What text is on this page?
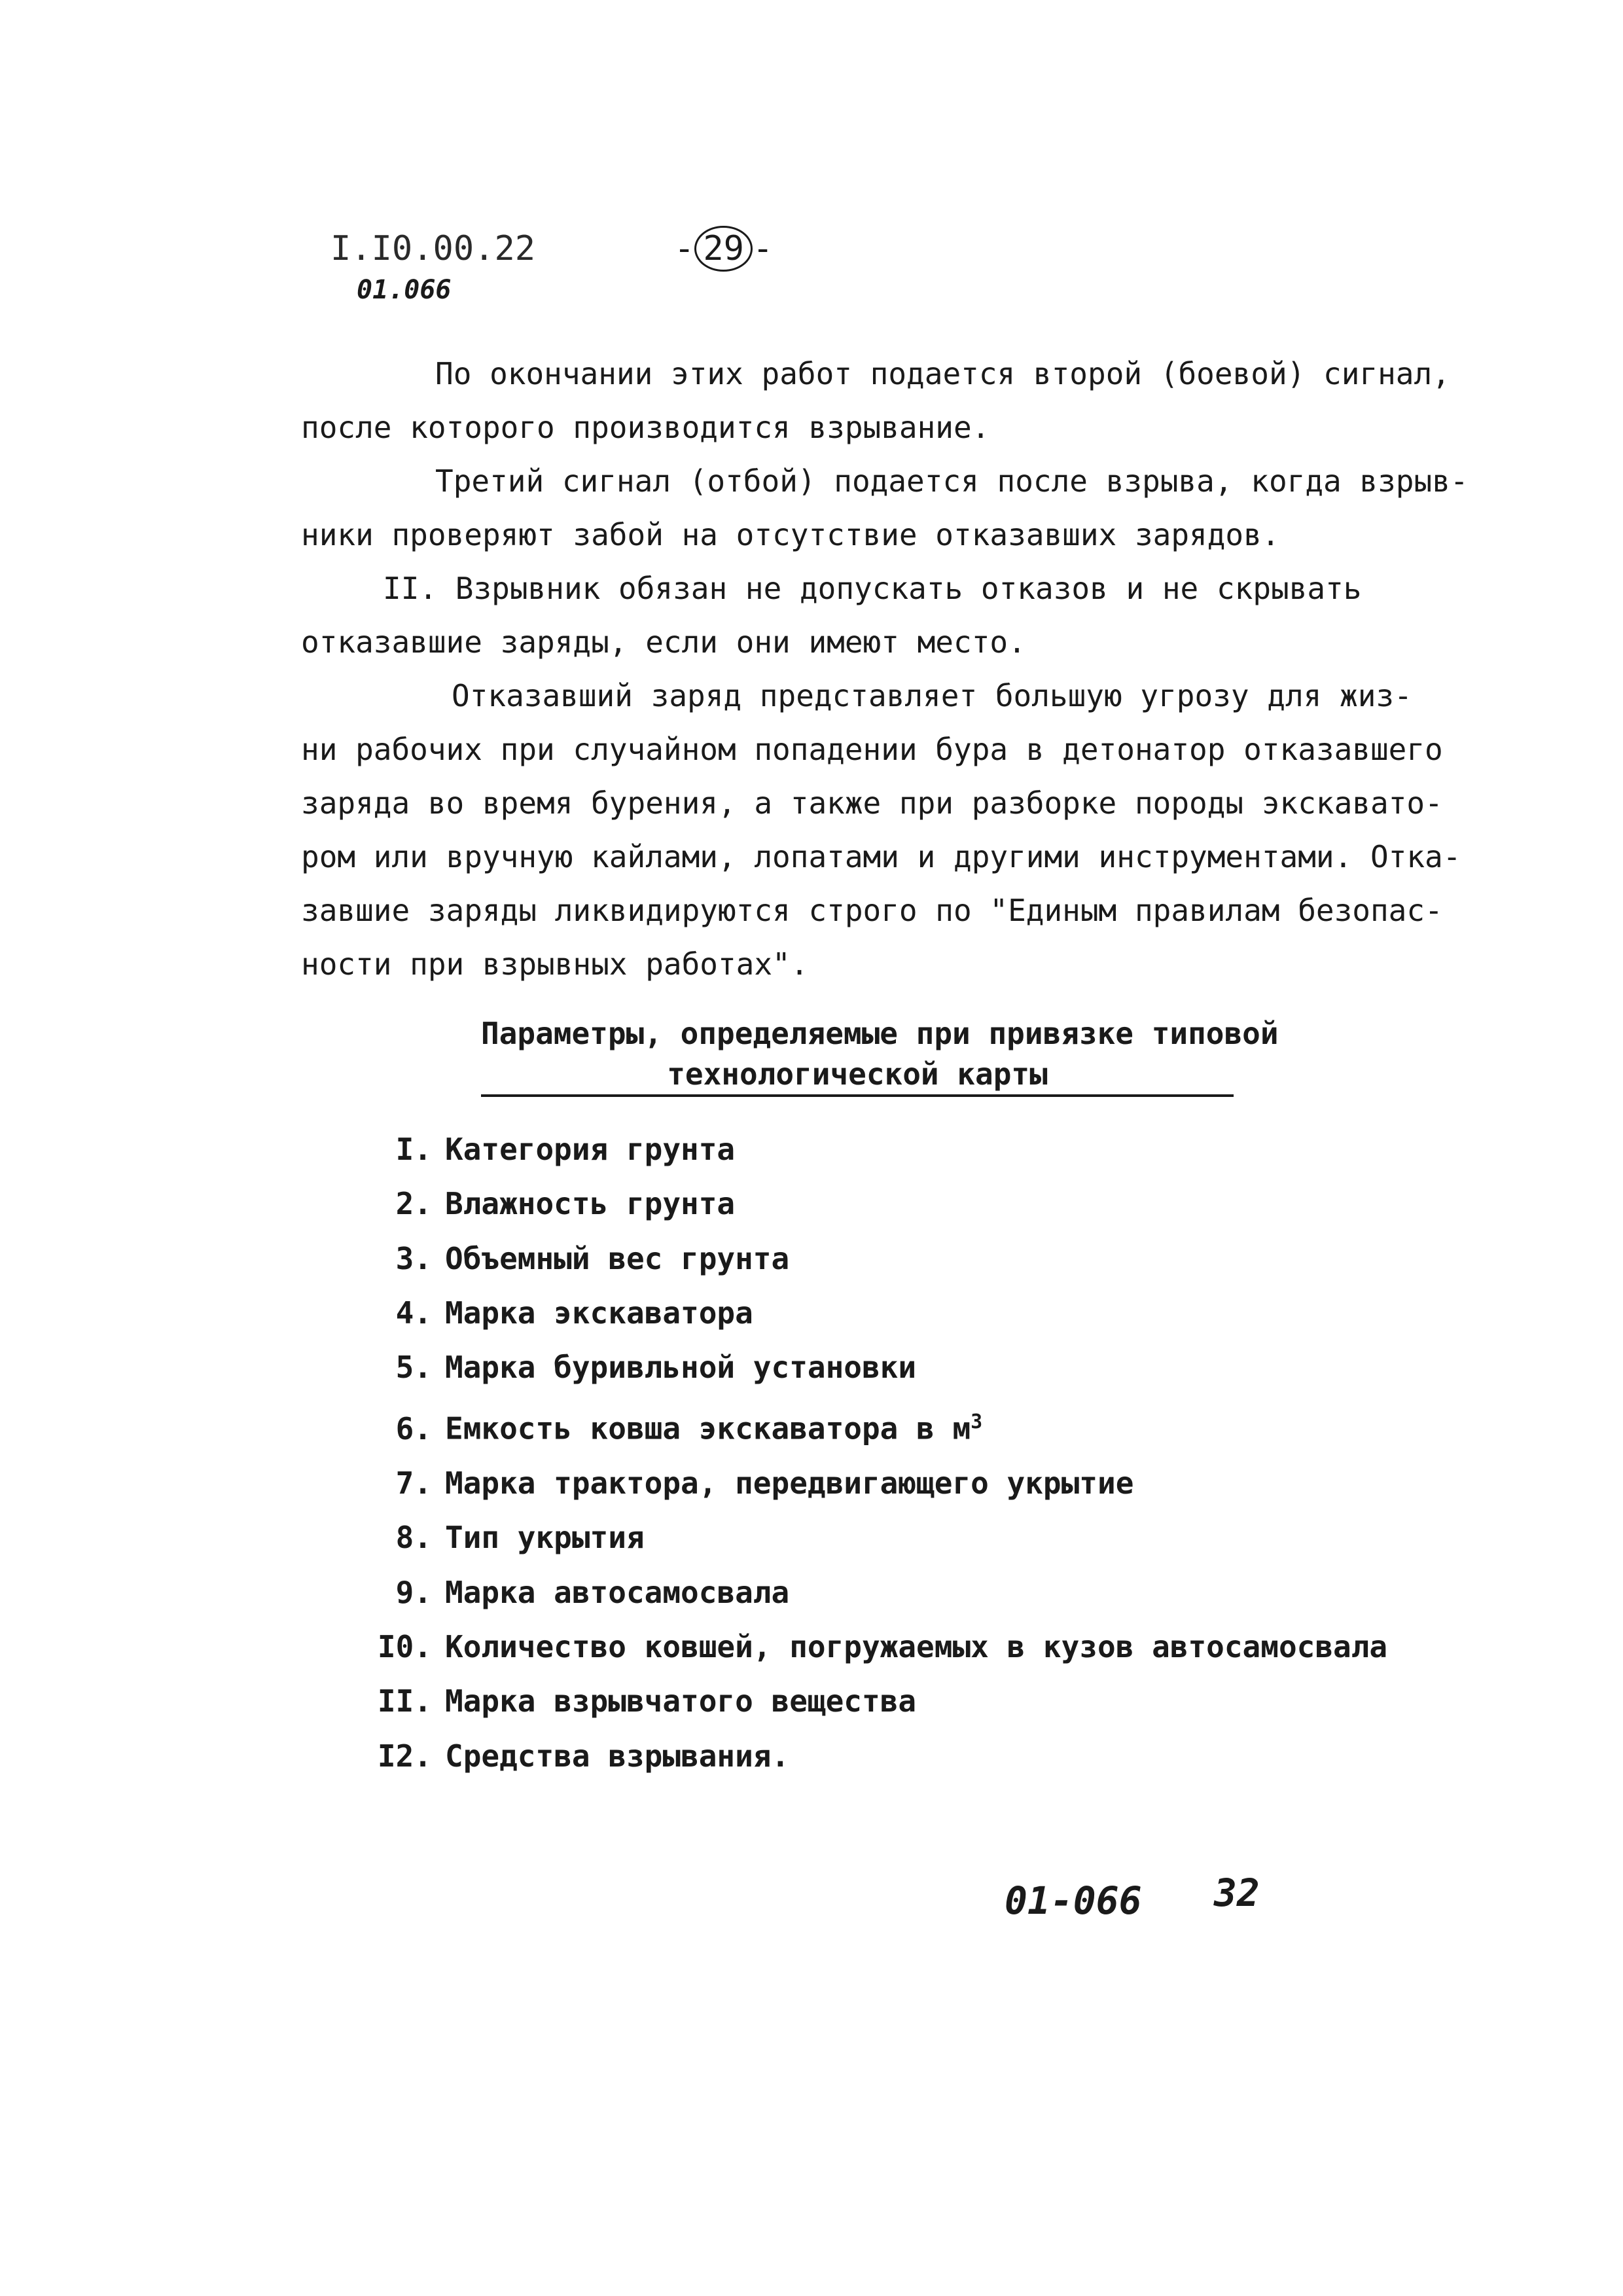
I.I0.00.22
01.066
- 29 -
По окончании этих работ подается второй (боевой) сигнал,
после которого производится взрывание.
Третий сигнал (отбой) подается после взрыва, когда взрыв-
ники проверяют забой на отсутствие отказавших зарядов.
II. Взрывник обязан не допускать отказов и не скрывать
отказавшие заряды, если они имеют место.
Отказавший заряд представляет большую угрозу для жиз-
ни рабочих при случайном попадении бура в детонатор отказавшего
заряда во время бурения, а также при разборке породы экскавато-
ром или вручную кайлами, лопатами и другими инструментами. Отка-
завшие заряды ликвидируются строго по "Единым правилам безопас-
ности при взрывных работах".
Параметры, определяемые при привязке типовой
технологической карты
I. Категория грунта
2. Влажность грунта
3. Объемный вес грунта
4. Марка экскаватора
5. Марка буривльной установки
6. Емкость ковша экскаватора в $м^3$
7. Марка трактора, передвигающего укрытие
8. Тип укрытия
9. Марка автосамосвала
I0. Количество ковшей, погружаемых в кузов автосамосвала
II. Марка взрывчатого вещества
I2. Средства взрывания.
01-066 32
